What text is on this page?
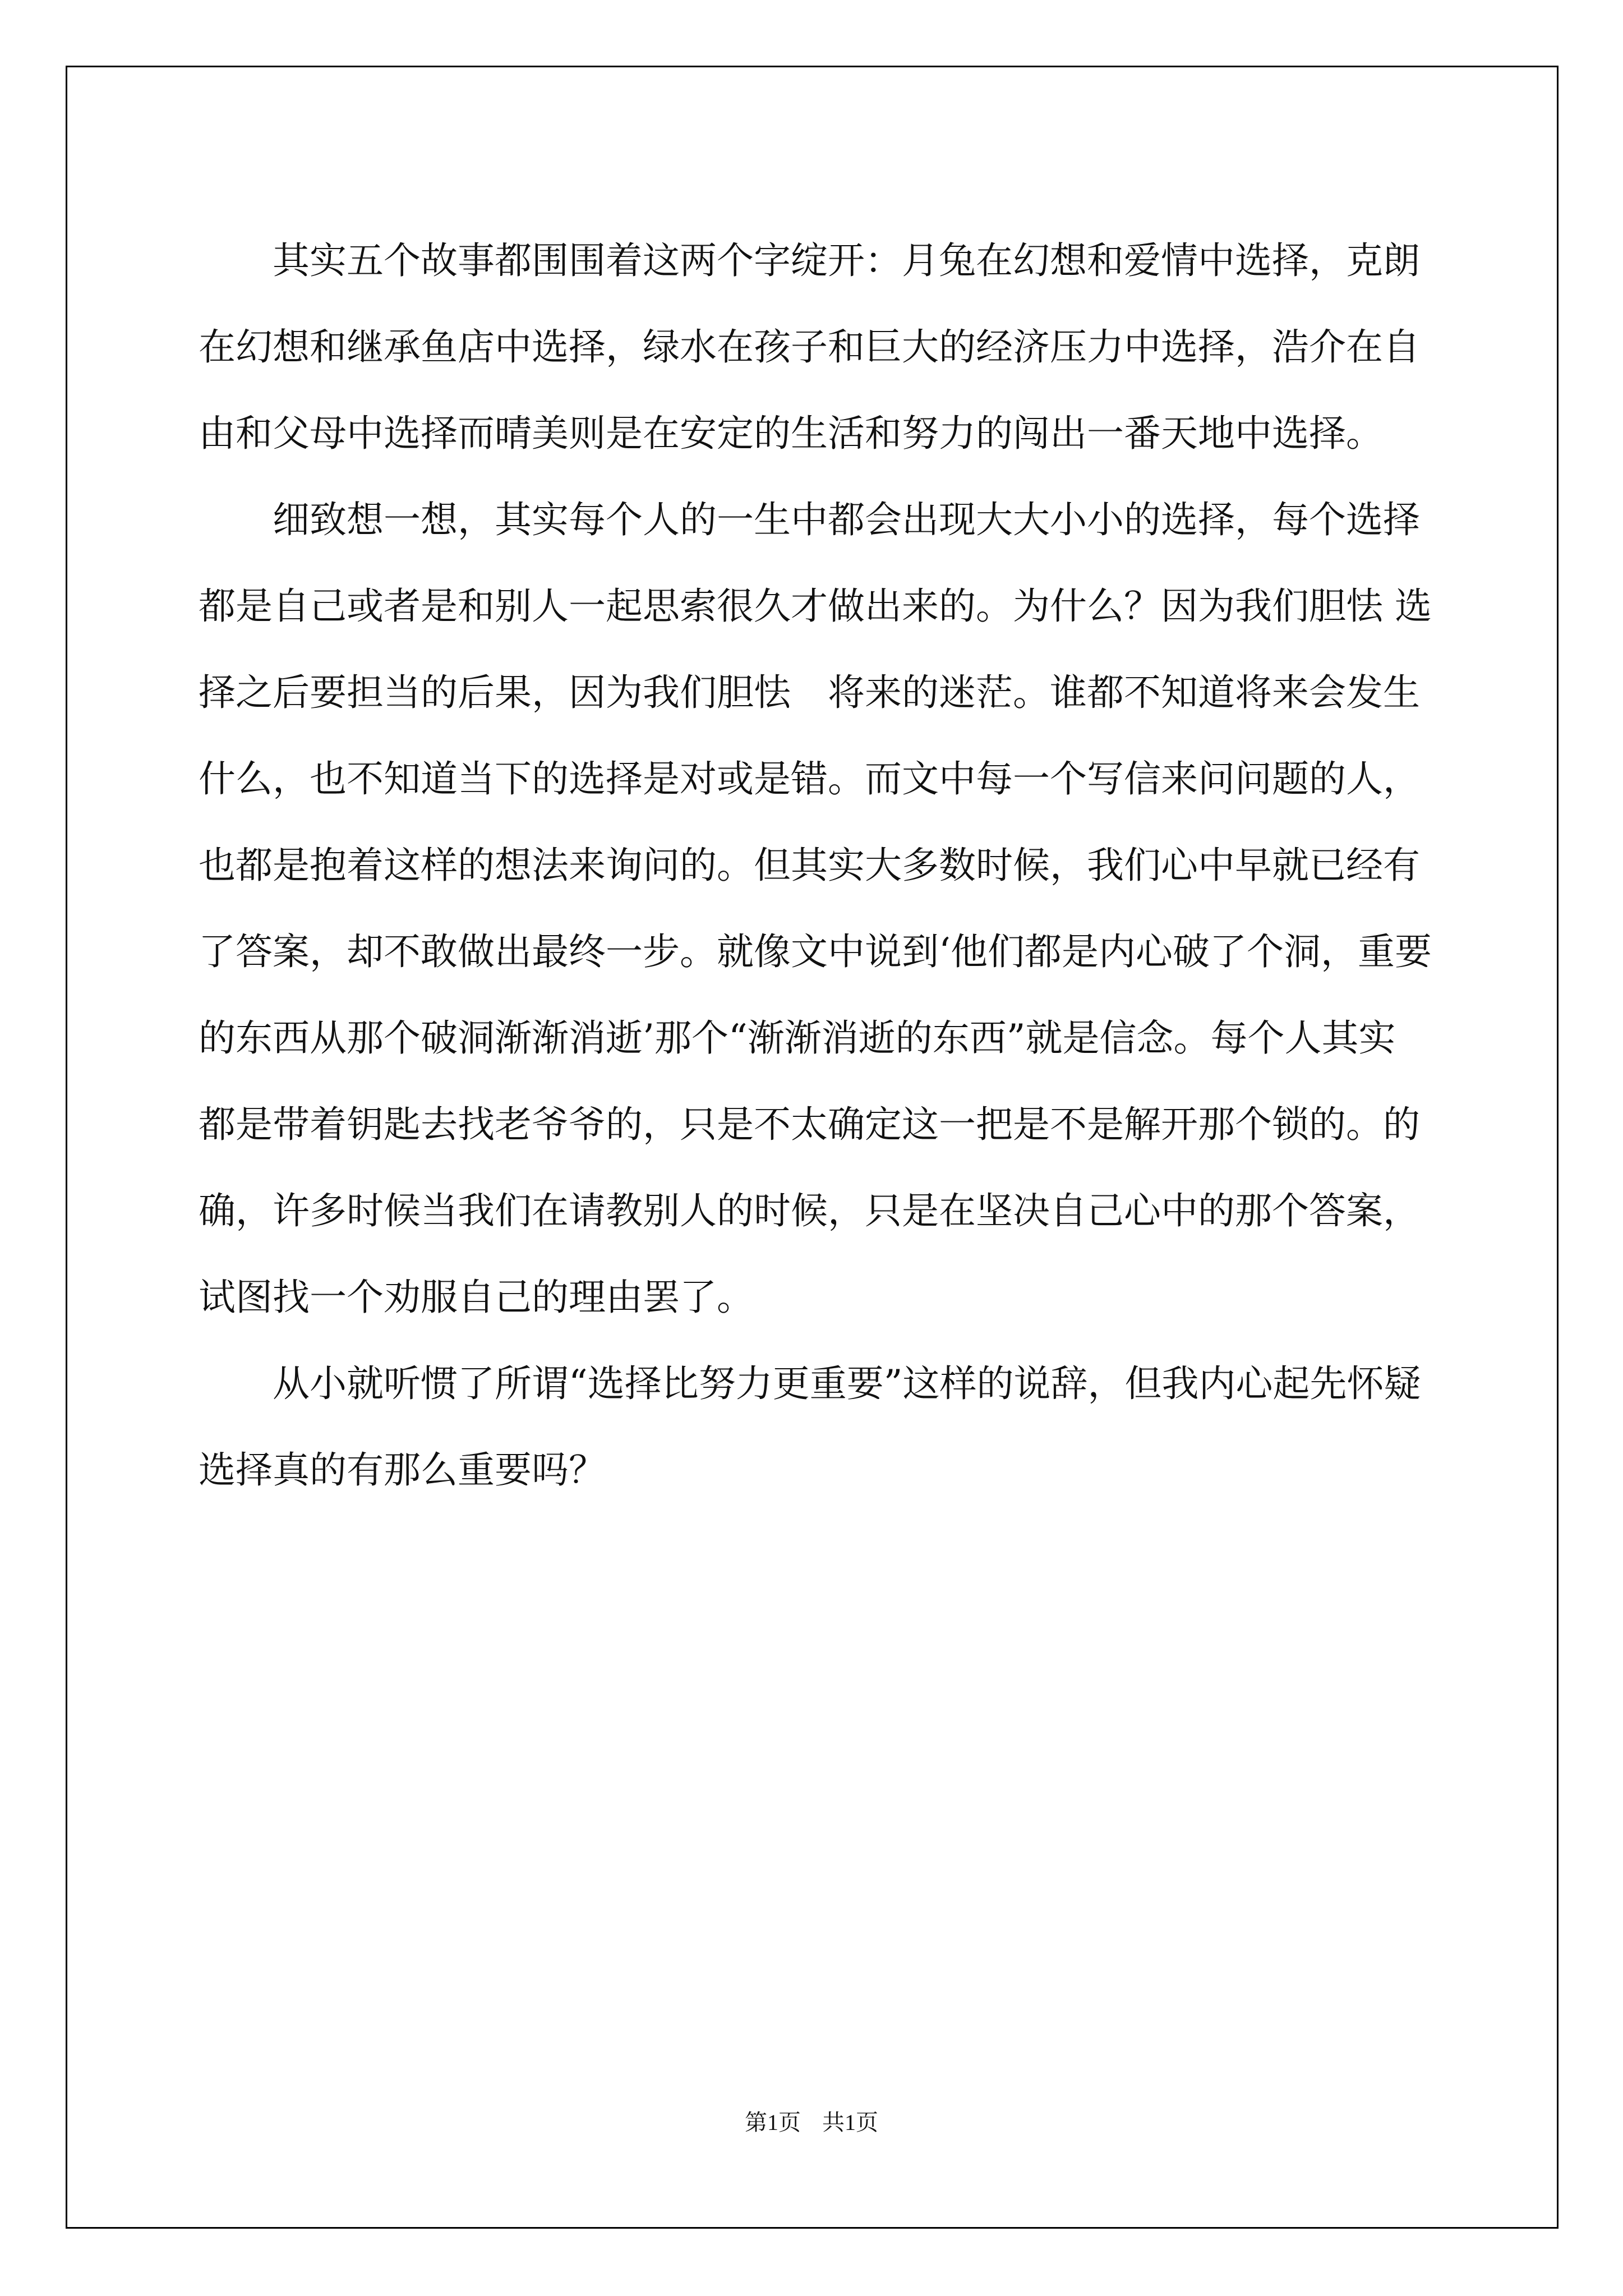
其实五个故事都围围着这两个字绽开：月兔在幻想和爱情中选择，克朗在幻想和继承鱼店中选择，绿水在孩子和巨大的经济压力中选择，浩介在自由和父母中选择而晴美则是在安定的生活和努力的闯出一番天地中选择。

细致想一想，其实每个人的一生中都会出现大大小小的选择，每个选择都是自己或者是和别人一起思索很久才做出来的。为什么？因为我们胆怯 选择之后要担当的后果，因为我们胆怯　将来的迷茫。谁都不知道将来会发生什么，也不知道当下的选择是对或是错。而文中每一个写信来问问题的人，也都是抱着这样的想法来询问的。但其实大多数时候，我们心中早就已经有了答案，却不敢做出最终一步。就像文中说到‘他们都是内心破了个洞，重要的东西从那个破洞渐渐消逝’那个“渐渐消逝的东西”就是信念。每个人其实都是带着钥匙去找老爷爷的，只是不太确定这一把是不是解开那个锁的。的确，许多时候当我们在请教别人的时候，只是在坚决自己心中的那个答案，试图找一个劝服自己的理由罢了。

从小就听惯了所谓“选择比努力更重要”这样的说辞，但我内心起先怀疑选择真的有那么重要吗？

第1页 共1页
